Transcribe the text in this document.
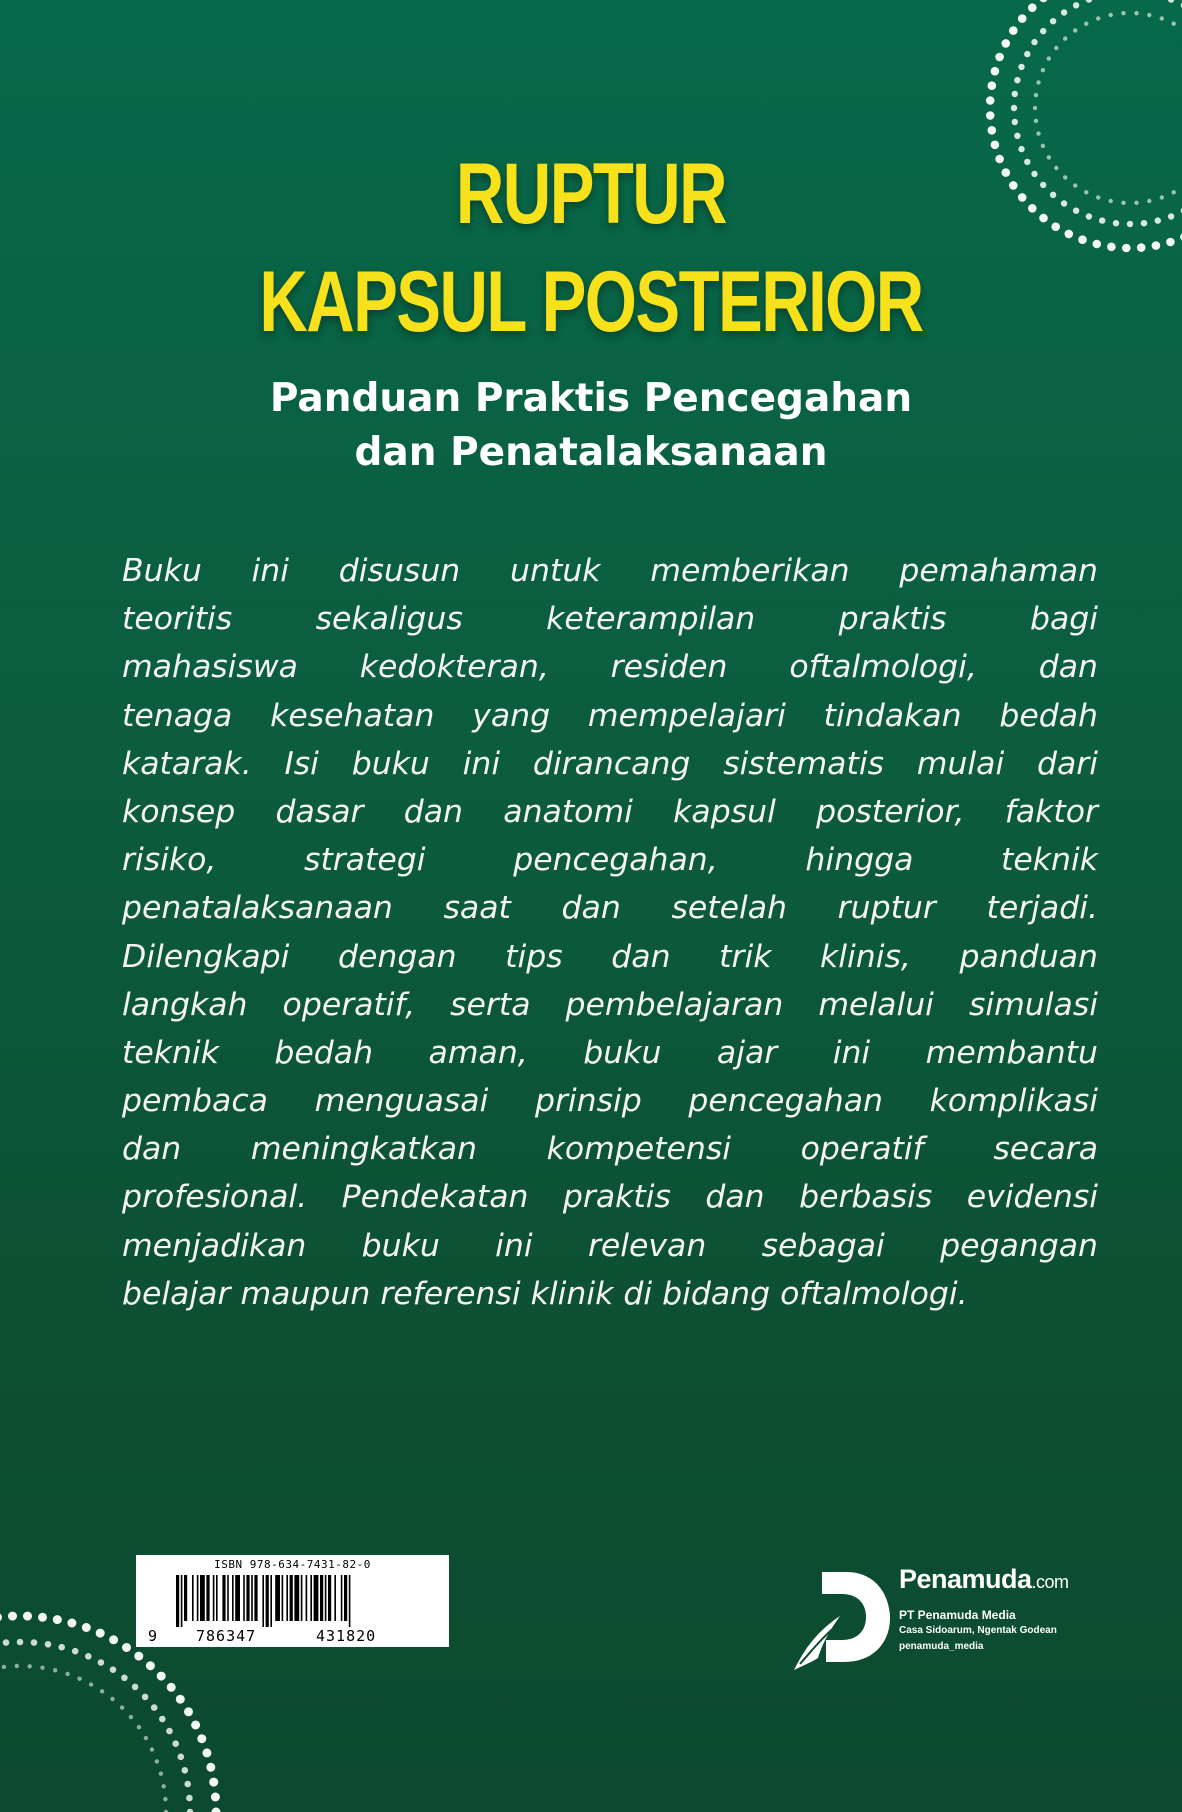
RUPTUR
KAPSUL POSTERIOR
Panduan Praktis Pencegahan
dan Penatalaksanaan
Buku ini disusun untuk memberikan pemahaman
teoritis sekaligus keterampilan praktis bagi
mahasiswa kedokteran, residen oftalmologi, dan
tenaga kesehatan yang mempelajari tindakan bedah
katarak. Isi buku ini dirancang sistematis mulai dari
konsep dasar dan anatomi kapsul posterior, faktor
risiko, strategi pencegahan, hingga teknik
penatalaksanaan saat dan setelah ruptur terjadi.
Dilengkapi dengan tips dan trik klinis, panduan
langkah operatif, serta pembelajaran melalui simulasi
teknik bedah aman, buku ajar ini membantu
pembaca menguasai prinsip pencegahan komplikasi
dan meningkatkan kompetensi operatif secara
profesional. Pendekatan praktis dan berbasis evidensi
menjadikan buku ini relevan sebagai pegangan
belajar maupun referensi klinik di bidang oftalmologi.
ISBN 978-634-7431-82-0
9	786347	431820
Penamuda.com
PT Penamuda Media
Casa Sidoarum, Ngentak Godean
penamuda_media
